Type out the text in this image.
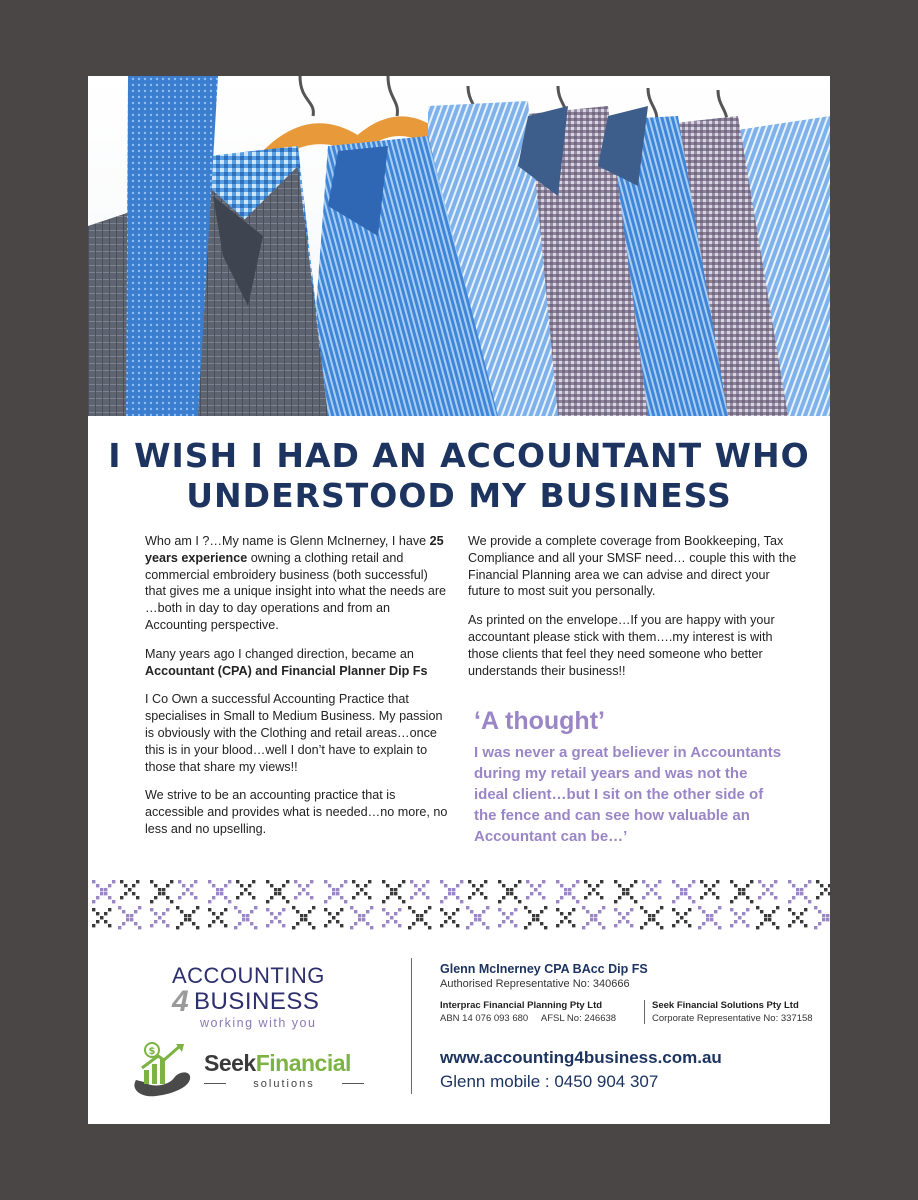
I WISH I HAD AN ACCOUNTANT WHO
UNDERSTOOD MY BUSINESS

Who am I ?…My name is Glenn McInerney, I have 25 years experience owning a clothing retail and commercial embroidery business (both successful) that gives me a unique insight into what the needs are …both in day to day operations and from an Accounting perspective.

Many years ago I changed direction, became an Accountant (CPA) and Financial Planner Dip Fs

I Co Own a successful Accounting Practice that specialises in Small to Medium Business. My passion is obviously with the Clothing and retail areas…once this is in your blood…well I don’t have to explain to those that share my views!!

We strive to be an accounting practice that is accessible and provides what is needed…no more, no less and no upselling.

We provide a complete coverage from Bookkeeping, Tax Compliance and all your SMSF need… couple this with the Financial Planning area we can advise and direct your future to most suit you personally.

As printed on the envelope…If you are happy with your accountant please stick with them….my interest is with those clients that feel they need someone who better understands their business!!

‘A thought’

I was never a great believer in Accountants during my retail years and was not the ideal client…but I sit on the other side of the fence and can see how valuable an Accountant can be…’

ACCOUNTING
4 BUSINESS
working with you
$ SeekFinancial
solutions

Glenn McInerney CPA BAcc Dip FS

Authorised Representative No: 340666

Interprac Financial Planning Pty Ltd

ABN 14 076 093 680     AFSL No: 246638

Seek Financial Solutions Pty Ltd

Corporate Representative No: 337158

www.accounting4business.com.au

Glenn mobile : 0450 904 307
